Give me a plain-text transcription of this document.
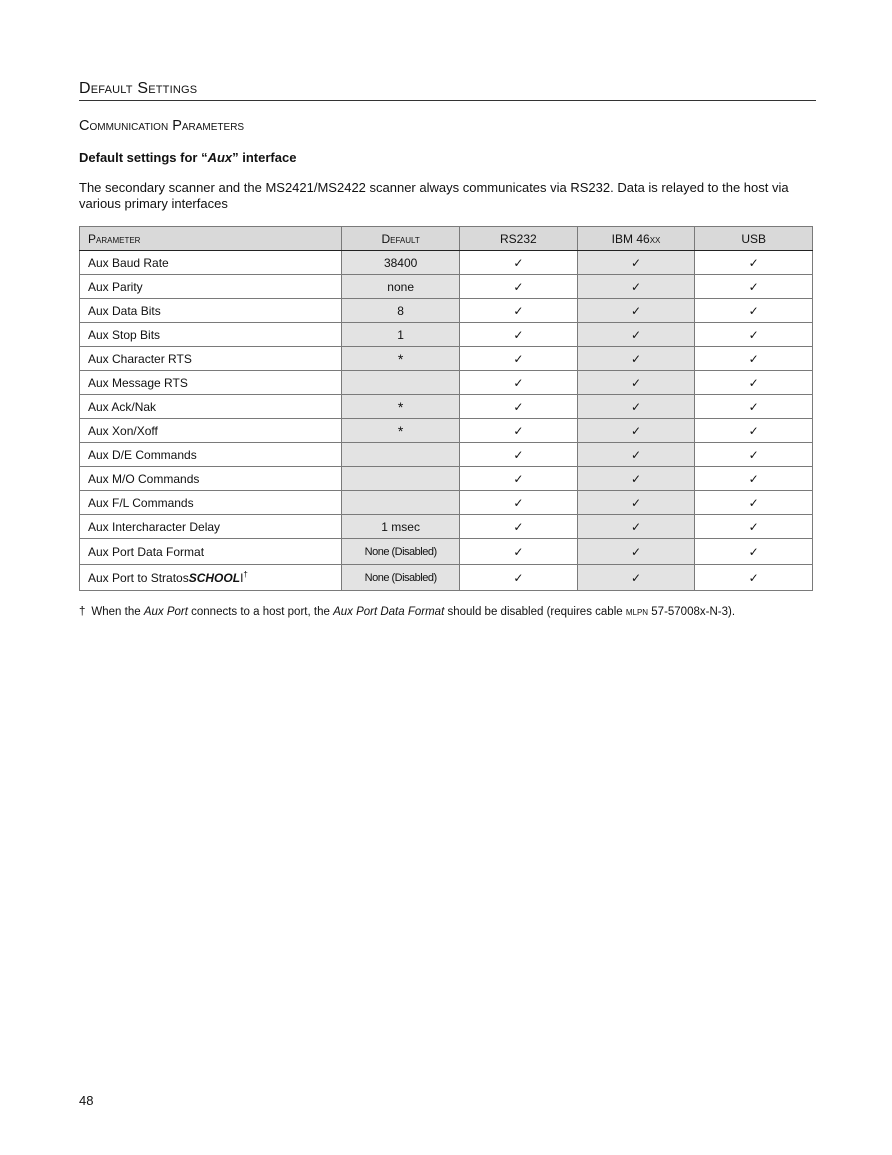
Default Settings
Communication Parameters
Default settings for “Aux” interface
The secondary scanner and the MS2421/MS2422 scanner always communicates via RS232. Data is relayed to the host via various primary interfaces
Parameter	Default	RS232	IBM 46xx	USB
Aux Baud Rate	38400	✓	✓	✓
Aux Parity	none	✓	✓	✓
Aux Data Bits	8	✓	✓	✓
Aux Stop Bits	1	✓	✓	✓
Aux Character RTS	*	✓	✓	✓
Aux Message RTS		✓	✓	✓
Aux Ack/Nak	*	✓	✓	✓
Aux Xon/Xoff	*	✓	✓	✓
Aux D/E Commands		✓	✓	✓
Aux M/O Commands		✓	✓	✓
Aux F/L Commands		✓	✓	✓
Aux Intercharacter Delay	1 msec	✓	✓	✓
Aux Port Data Format	None (Disabled)	✓	✓	✓
Aux Port to StratosSCHOOLI†	None (Disabled)	✓	✓	✓
† When the Aux Port connects to a host port, the Aux Port Data Format should be disabled (requires cable mlpn 57-57008x-N-3).
48
